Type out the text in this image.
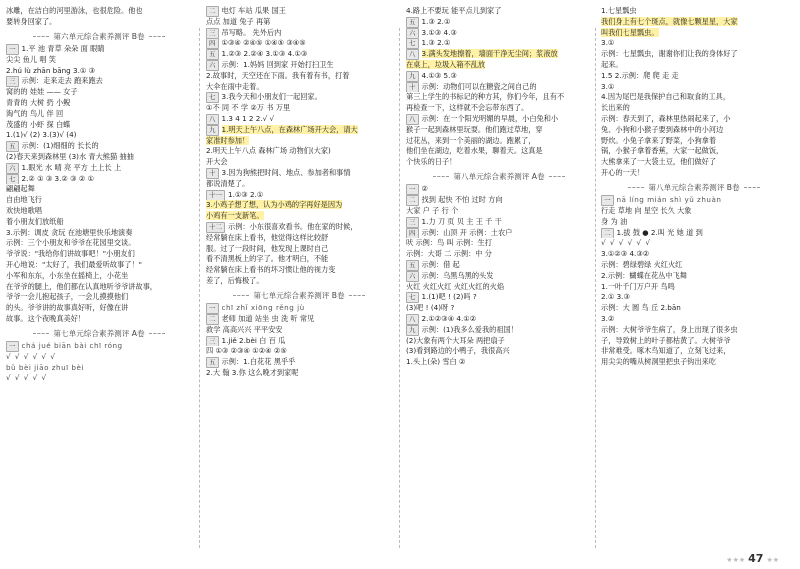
冰雕，在洁白的河里游泳，也很危险。他也
要转身回家了。
第六单元综合素养测评 B卷
一 1.平 池 青草 朵朵 面 眼睛
尖尖 鱼儿 唱 笑
2.hú lù zhān bāng 3.① ③
三 示例：走来走去 跑来跑去
窝的的 娃娃 —— 女子
青青的 大树 扔 小鲵
淘气的 鸟儿 伴 回
茂盛的 小虾 探 白蝶
1.(1)√ (2) 3.(3)√ (4)
五 示例：(1)细细的 长长的
(2)春天来到森林里 (3)水 青大熊猫 抽抽
六 1.眼光 水 晴 亮 平方 土上长 上
七 2.② ① ③ 3.② ③ ② ①
翩翩起舞
自由地飞行
欢快地歌唱
着小朋友们放纸船
3.示例：调皮 贪玩 在池塘里快乐地演奏
示例：三个小朋友和爷爷在花园里交谈。
爷爷说："我给你们讲故事吧！"小朋友们
开心地说："太好了，我们最爱听故事了！"
小军和东东，小东坐在摇椅上，小花坐
在爷爷的腿上，他们都在认真地听爷爷讲故事，
爷爷一会儿抱起孩子，一会儿摸摸他们
的头。爷爷讲的故事真好听，好像在讲
故事。这个夜晚真美好！
第七单元综合素养测评 A卷
一 chá jué biān bài chī róng
√ √ √ √ √ √
bǔ bèi jiāo zhuī bèi
√ √ √ √ √
二 电灯 车站 瓜果 国王
点点 加道 兔子 再第
三 吊写略。 先外后内
四 ①③④ ②④⑤ ①④⑤ ③④⑤
五 1.②③ 2.②④ 3.①③ 4.①③
六 示例：1.妈妈 回到家 开始打扫卫生
2.故事时，天空还在下雨。我有着有书，打着
大伞在雨中走着。
七 3.我今天和小朋友们一起回家。
①不 同 不 学 ②万 书 万里
八 1.3 4 1 2 2.√ √
九 1.明天上午八点，在森林广场开大会，请大
家准时参加！
2.明天上午八点 森林广场 动物们(大家)
开大会
十 3.因为狗熊把时间、地点、参加者和事情
都说清楚了。
十一 1.①③ 2.①
3.小鸡子想了想，认为小鸡的字再好是因为
小鸡有一支新笔。
十二 示例：小东很喜欢看书。他在家的时候，
经常躺在床上看书，他觉得这样比较舒
服。过了一段时间，他发现上课时自己
看不清黑板上的字了。他才明白，不能
经常躺在床上看书的坏习惯让他的视力变
差了，后悔极了。
第七单元综合素养测评 B卷
一 chī zhǐ xiōng rěng jù
二 老师 加道 站坐 虫 洗 听 常见
救学 高高兴兴 平平安安
三 1.jiě 2.bèi 白 百 瓜
四 ①③ ②③④ ①②④ ②⑤
五 示例：1.白花花 黑乎乎
2.大 翰 3.你 这么晚才到家呢
4.路上不要玩 能平点儿到家了
五 1.③ 2.①
六 3.①③ 4.③
七 1.③ 2.①
八 3.满头发地擦着，墙面干净无尘间；浆液放
在桌上，垃圾入箱不乱放
九 4.①③ 5.③
十 示例：动物们可以在糖瓷之间自己的
第三上学生的书标记的种方其，你们今年，且有不
再检查一下，这样就不会忘带东西了。
八 示例：在一个阳光明媚的早晨，小白兔和小
猴子一起到森林里玩耍。他们跑过草地，穿
过花丛，来到一个美丽的湖边。跑累了，
他们坐在湖边，吃着水果，聊着天。这真是
个快乐的日子！
第八单元综合素养测评 A卷
一 ②
二 找到 起快 不怕 过时 方向
大家 户 子 行 个
三 1.力 刀 页 贝 主 王 千 干
四 示例：山顶 开 示例：土农户
吠 示例：鸟 叫 示例：生打
示例：大哥 二 示例：中 分
五 示例：借 起
六 示例：乌黑乌黑的头发
火红 火红火红 火红火红的火焰
七 1.(1)吧 ! (2)吗 ?
(3)吧 ! (4)呀 ?
八 2.①②③④ 4.①②
九 示例：(1)我多么爱我的祖国！
(2)大象有两个大耳朵 两把扇子
(3)看到路边的小鸭子，我很高兴
1.头上(朵) 雪白 ②
1.七星瓢虫
我们身上有七个斑点，就像七颗星星，大家
叫我们七星瓢虫。
3.①
示例：七星瓢虫，谢谢你们让我的身体好了
起来。
1.5 2.示例：爬 爬 走 走
3.①
4.因为尾巴是我保护自己和取食的工具，
长出来的
示例：春天到了，森林里热闹起来了，小
兔、小狗和小猴子要到森林中的小河边
野炊。小兔子拿来了野菜，小狗拿着
锅，小猴子拿着香蕉，大家一起做饭，
大熊拿来了一大袋土豆，他们做好了
开心的一天！
第八单元综合素养测评 B卷
一 nā líng mián shì yǔ zhuàn
行走 草地 向 星空 长久 大象
身 为 油
二 1.拔 鼓 ● 2.叫 光 她 道 到
√ √ √ √ √ √
3.①②③ 4.③②
示例：碧绿碧绿 火红火红
2.示例：蝴蝶在花丛中飞舞
1.一叶千门万户开 鸟鸣
2.① 3.③
示例：大 圆 鸟 丘 2.bān
3.②
示例：大树爷爷生病了，身上出现了很多虫
子，导致树上的叶子都枯黄了。大树爷爷
非常难受。啄木鸟知道了，立刻飞过来，
用尖尖的嘴从树洞里把虫子钩出来吃
★★★ 47 ★★
